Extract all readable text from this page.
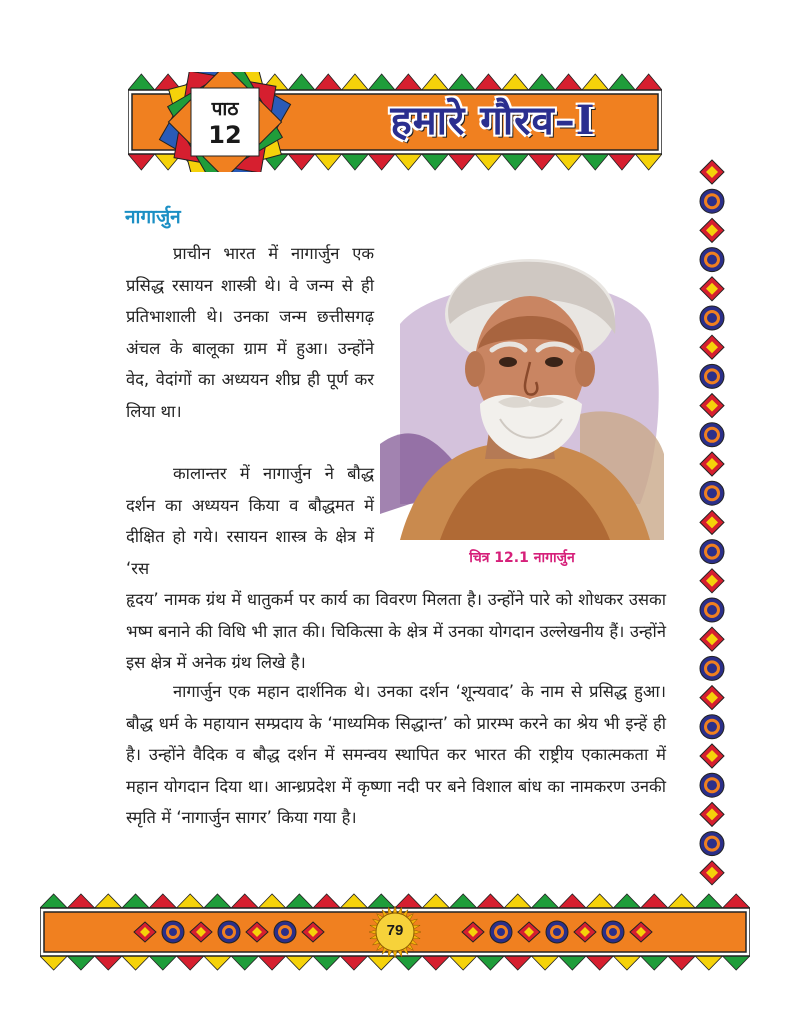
पाठ
12	हमारे गौरव–I
नागार्जुन

प्राचीन भारत में नागार्जुन एक प्रसिद्ध रसायन शास्त्री थे। वे जन्म से ही प्रतिभाशाली थे। उनका जन्म छत्तीसगढ़ अंचल के बालूका ग्राम में हुआ। उन्होंने वेद, वेदांगों का अध्ययन शीघ्र ही पूर्ण कर लिया था।

कालान्तर में नागार्जुन ने बौद्ध दर्शन का अध्ययन किया व बौद्धमत में दीक्षित हो गये। रसायन शास्त्र के क्षेत्र में ‘रस

चित्र 12.1 नागार्जुन

हृदय’ नामक ग्रंथ में धातुकर्म पर कार्य का विवरण मिलता है। उन्होंने पारे को शोधकर उसका भष्म बनाने की विधि भी ज्ञात की। चिकित्सा के क्षेत्र में उनका योगदान उल्लेखनीय हैं। उन्होंने इस क्षेत्र में अनेक ग्रंथ लिखे है।

नागार्जुन एक महान दार्शनिक थे। उनका दर्शन ‘शून्यवाद’ के नाम से प्रसिद्ध हुआ। बौद्ध धर्म के महायान सम्प्रदाय के ‘माध्यमिक सिद्धान्त’ को प्रारम्भ करने का श्रेय भी इन्हें ही है। उन्होंने वैदिक व बौद्ध दर्शन में समन्वय स्थापित कर भारत की राष्ट्रीय एकात्मकता में महान योगदान दिया था। आन्ध्रप्रदेश में कृष्णा नदी पर बने विशाल बांध का नामकरण उनकी स्मृति में ‘नागार्जुन सागर’ किया गया है।

79
